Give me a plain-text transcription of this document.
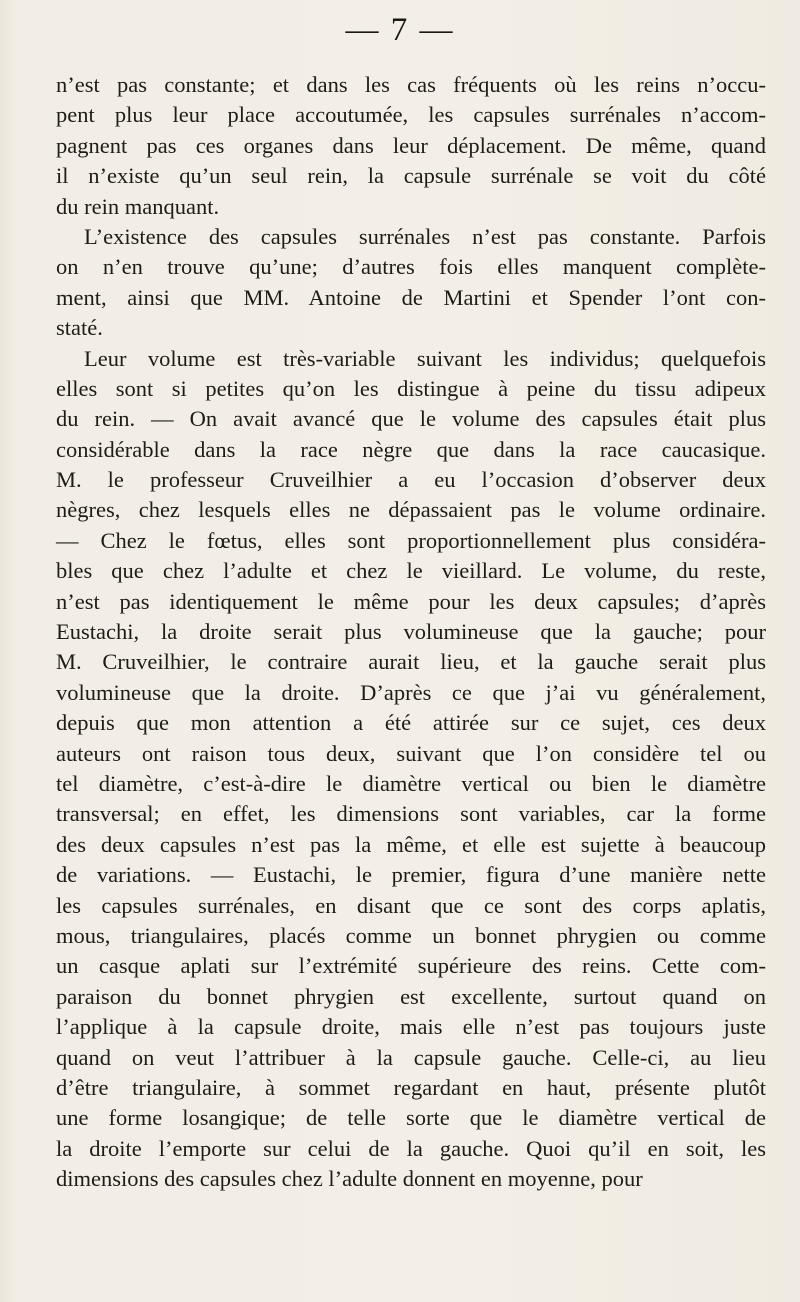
— 7 —
n’est pas constante; et dans les cas fréquents où les reins n’occu-
pent plus leur place accoutumée, les capsules surrénales n’accom-
pagnent pas ces organes dans leur déplacement. De même, quand
il n’existe qu’un seul rein, la capsule surrénale se voit du côté
du rein manquant.
L’existence des capsules surrénales n’est pas constante. Parfois
on n’en trouve qu’une; d’autres fois elles manquent complète-
ment, ainsi que MM. Antoine de Martini et Spender l’ont con-
staté.
Leur volume est très-variable suivant les individus; quelquefois
elles sont si petites qu’on les distingue à peine du tissu adipeux
du rein. — On avait avancé que le volume des capsules était plus
considérable dans la race nègre que dans la race caucasique.
M. le professeur Cruveilhier a eu l’occasion d’observer deux
nègres, chez lesquels elles ne dépassaient pas le volume ordinaire.
— Chez le fœtus, elles sont proportionnellement plus considéra-
bles que chez l’adulte et chez le vieillard. Le volume, du reste,
n’est pas identiquement le même pour les deux capsules; d’après
Eustachi, la droite serait plus volumineuse que la gauche; pour
M. Cruveilhier, le contraire aurait lieu, et la gauche serait plus
volumineuse que la droite. D’après ce que j’ai vu généralement,
depuis que mon attention a été attirée sur ce sujet, ces deux
auteurs ont raison tous deux, suivant que l’on considère tel ou
tel diamètre, c’est-à-dire le diamètre vertical ou bien le diamètre
transversal; en effet, les dimensions sont variables, car la forme
des deux capsules n’est pas la même, et elle est sujette à beaucoup
de variations. — Eustachi, le premier, figura d’une manière nette
les capsules surrénales, en disant que ce sont des corps aplatis,
mous, triangulaires, placés comme un bonnet phrygien ou comme
un casque aplati sur l’extrémité supérieure des reins. Cette com-
paraison du bonnet phrygien est excellente, surtout quand on
l’applique à la capsule droite, mais elle n’est pas toujours juste
quand on veut l’attribuer à la capsule gauche. Celle-ci, au lieu
d’être triangulaire, à sommet regardant en haut, présente plutôt
une forme losangique; de telle sorte que le diamètre vertical de
la droite l’emporte sur celui de la gauche. Quoi qu’il en soit, les
dimensions des capsules chez l’adulte donnent en moyenne, pour
